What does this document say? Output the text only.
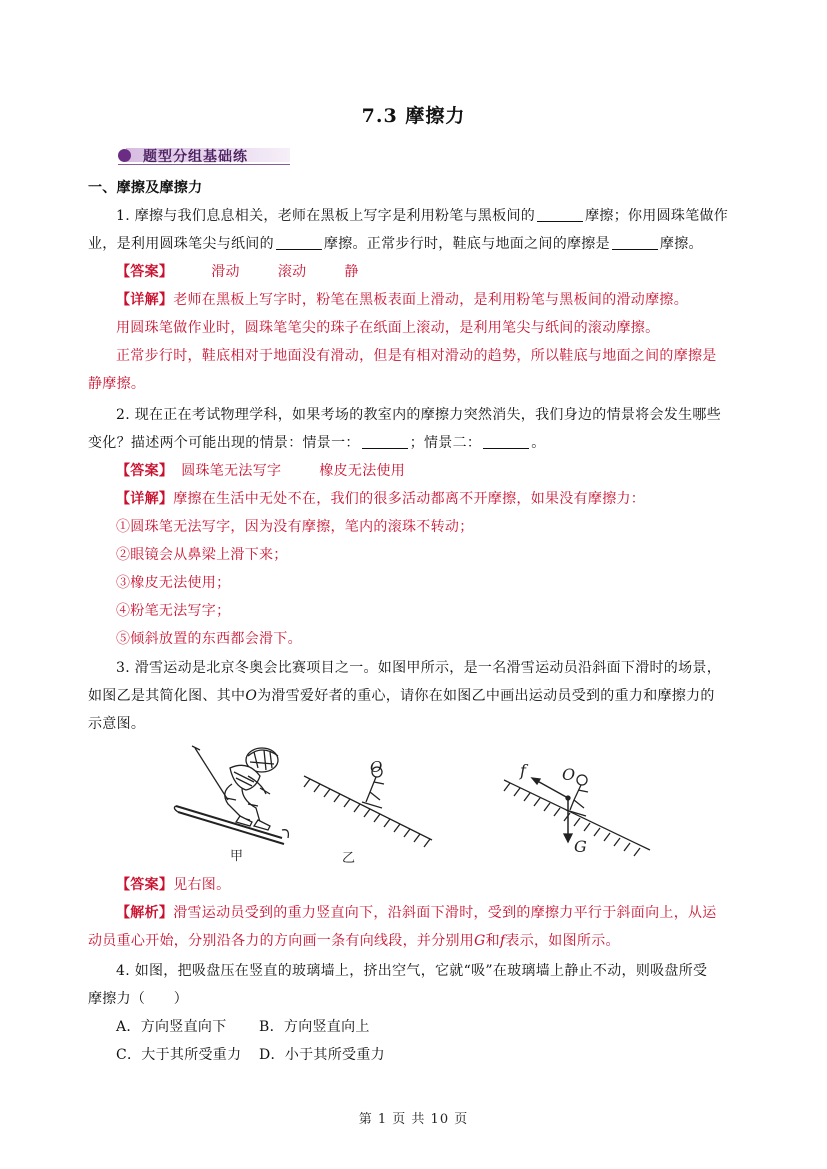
7.3 摩擦力
题型分组基础练
一、摩擦及摩擦力
1. 摩擦与我们息息相关，老师在黑板上写字是利用粉笔与黑板间的	摩擦；你用圆珠笔做作
业，是利用圆珠笔尖与纸间的	摩擦。正常步行时，鞋底与地面之间的摩擦是	摩擦。
【答案】	滑动	滚动	静
【详解】老师在黑板上写字时，粉笔在黑板表面上滑动，是利用粉笔与黑板间的滑动摩擦。
用圆珠笔做作业时，圆珠笔笔尖的珠子在纸面上滚动，是利用笔尖与纸间的滚动摩擦。
正常步行时，鞋底相对于地面没有滑动，但是有相对滑动的趋势，所以鞋底与地面之间的摩擦是
静摩擦。
2. 现在正在考试物理学科，如果考场的教室内的摩擦力突然消失，我们身边的情景将会发生哪些
变化？描述两个可能出现的情景：情景一：	；情景二：	。
【答案】 圆珠笔无法写字	橡皮无法使用
【详解】摩擦在生活中无处不在，我们的很多活动都离不开摩擦，如果没有摩擦力：
①圆珠笔无法写字，因为没有摩擦，笔内的滚珠不转动；
②眼镜会从鼻梁上滑下来；
③橡皮无法使用；
④粉笔无法写字；
⑤倾斜放置的东西都会滑下。
3. 滑雪运动是北京冬奥会比赛项目之一。如图甲所示，是一名滑雪运动员沿斜面下滑时的场景，
如图乙是其简化图、其中O为滑雪爱好者的重心，请你在如图乙中画出运动员受到的重力和摩擦力的
示意图。
甲
O
乙
f O
G
【答案】见右图。
【解析】滑雪运动员受到的重力竖直向下，沿斜面下滑时，受到的摩擦力平行于斜面向上，从运
动员重心开始，分别沿各力的方向画一条有向线段，并分别用G和f表示，如图所示。
4. 如图，把吸盘压在竖直的玻璃墙上，挤出空气，它就“吸”在玻璃墙上静止不动，则吸盘所受
摩擦力（　　）
A．方向竖直向下 B．方向竖直向上
C．大于其所受重力 D．小于其所受重力
第 1 页 共 10 页
